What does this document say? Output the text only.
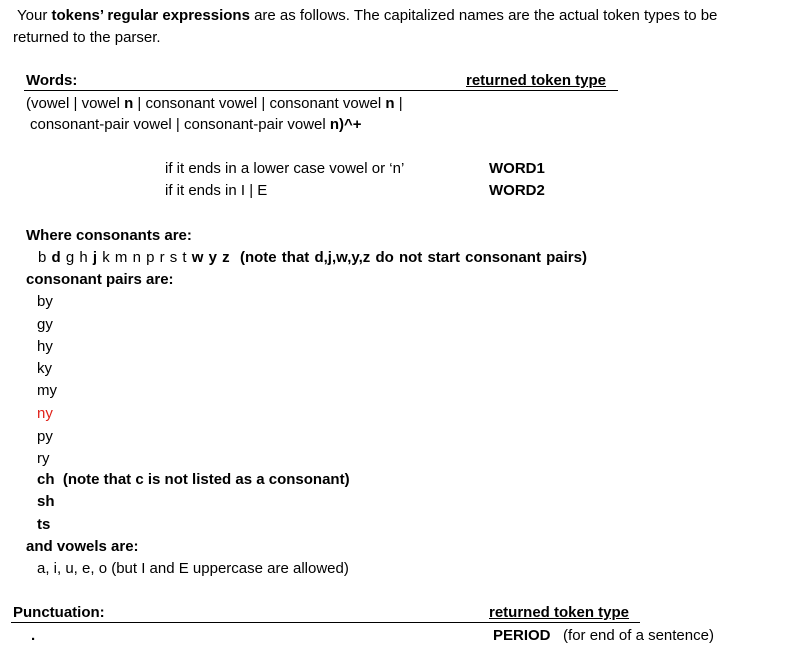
Your tokens’ regular expressions are as follows. The capitalized names are the actual token types to be
returned to the parser.
Words:	returned token type
(vowel | vowel n | consonant vowel | consonant vowel n |
consonant-pair vowel | consonant-pair vowel n)^+
if it ends in a lower case vowel or ‘n’	WORD1
if it ends in I | E	WORD2
Where consonants are:
b d g h j k m n p r s t w y z (note that d,j,w,y,z do not start consonant pairs)
consonant pairs are:
by
gy
hy
ky
my
ny
py
ry
ch (note that c is not listed as a consonant)
sh
ts
and vowels are:
a, i, u, e, o (but I and E uppercase are allowed)
Punctuation:	returned token type
.	PERIOD (for end of a sentence)
